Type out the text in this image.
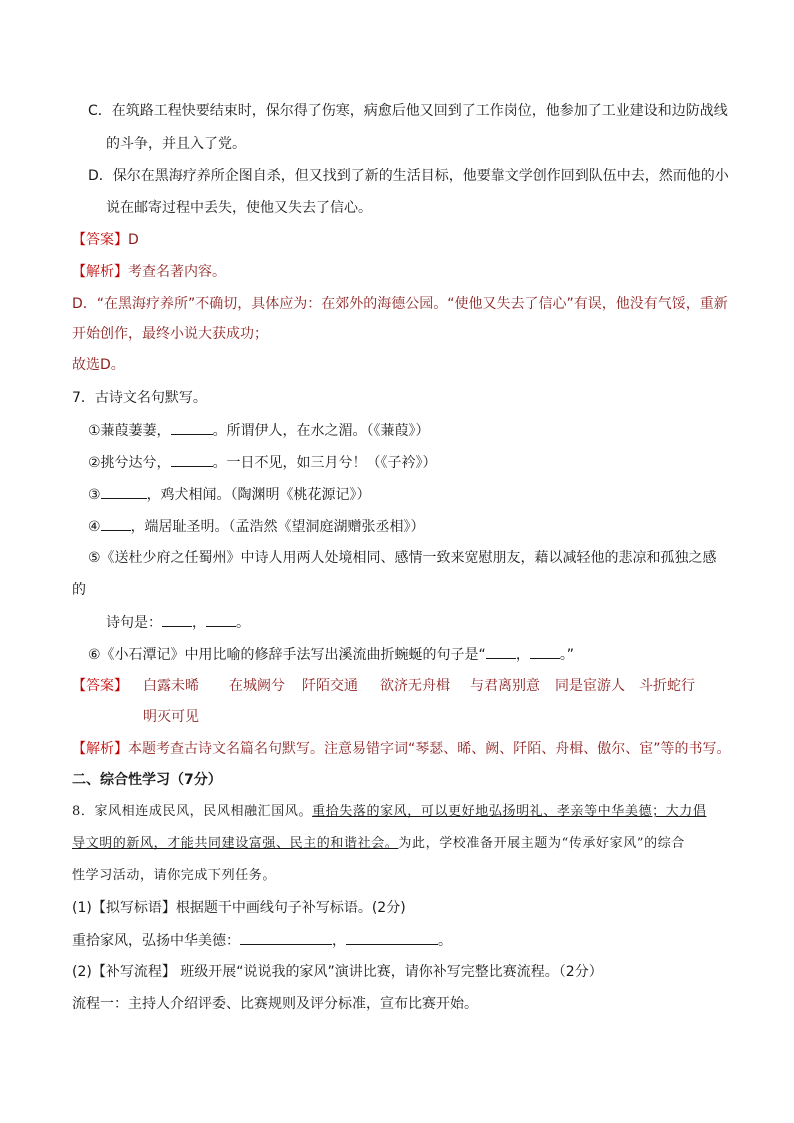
C．在筑路工程快要结束时，保尔得了伤寒，病愈后他又回到了工作岗位，他参加了工业建设和边防战线
的斗争，并且入了党。
D．保尔在黑海疗养所企图自杀，但又找到了新的生活目标，他要靠文学创作回到队伍中去，然而他的小
说在邮寄过程中丢失，使他又失去了信心。
【答案】D
【解析】考查名著内容。
D．“在黑海疗养所”不确切，具体应为：在郊外的海德公园。“使他又失去了信心”有误，他没有气馁，重新
开始创作，最终小说大获成功；
故选D。
7．古诗文名句默写。
①蒹葭萋萋，	。所谓伊人，在水之湄。（《蒹葭》）
②挑兮达兮，	。一日不见，如三月兮！（《子衿》）
③	，鸡犬相闻。（陶渊明《桃花源记》）
④ ，端居耻圣明。（孟浩然《望洞庭湖赠张丞相》）
⑤《送杜少府之任蜀州》中诗人用两人处境相同、感情一致来宽慰朋友，藉以减轻他的悲凉和孤独之感
的
诗句是： ， 。
⑥《小石潭记》中用比喻的修辞手法写出溪流曲折蜿蜒的句子是“ ， 。”
【答案】 白露未晞 在城阙兮 阡陌交通 欲济无舟楫 与君离别意 同是宦游人 斗折蛇行
明灭可见
【解析】本题考查古诗文名篇名句默写。注意易错字词“琴瑟、晞、阙、阡陌、舟楫、傲尔、宦”等的书写。
二、综合性学习（7分）
8．家风相连成民风，民风相融汇国风。重拾失落的家风，可以更好地弘扬明礼、孝亲等中华美德；大力倡
导文明的新风，才能共同建设富强、民主的和谐社会。为此，学校准备开展主题为“传承好家风”的综合
性学习活动，请你完成下列任务。
(1)【拟写标语】根据题干中画线句子补写标语。(2分)
重拾家风，弘扬中华美德：	，	。
(2)【补写流程】 班级开展“说说我的家风”演讲比赛，请你补写完整比赛流程。（2分）
流程一：主持人介绍评委、比赛规则及评分标准，宣布比赛开始。
